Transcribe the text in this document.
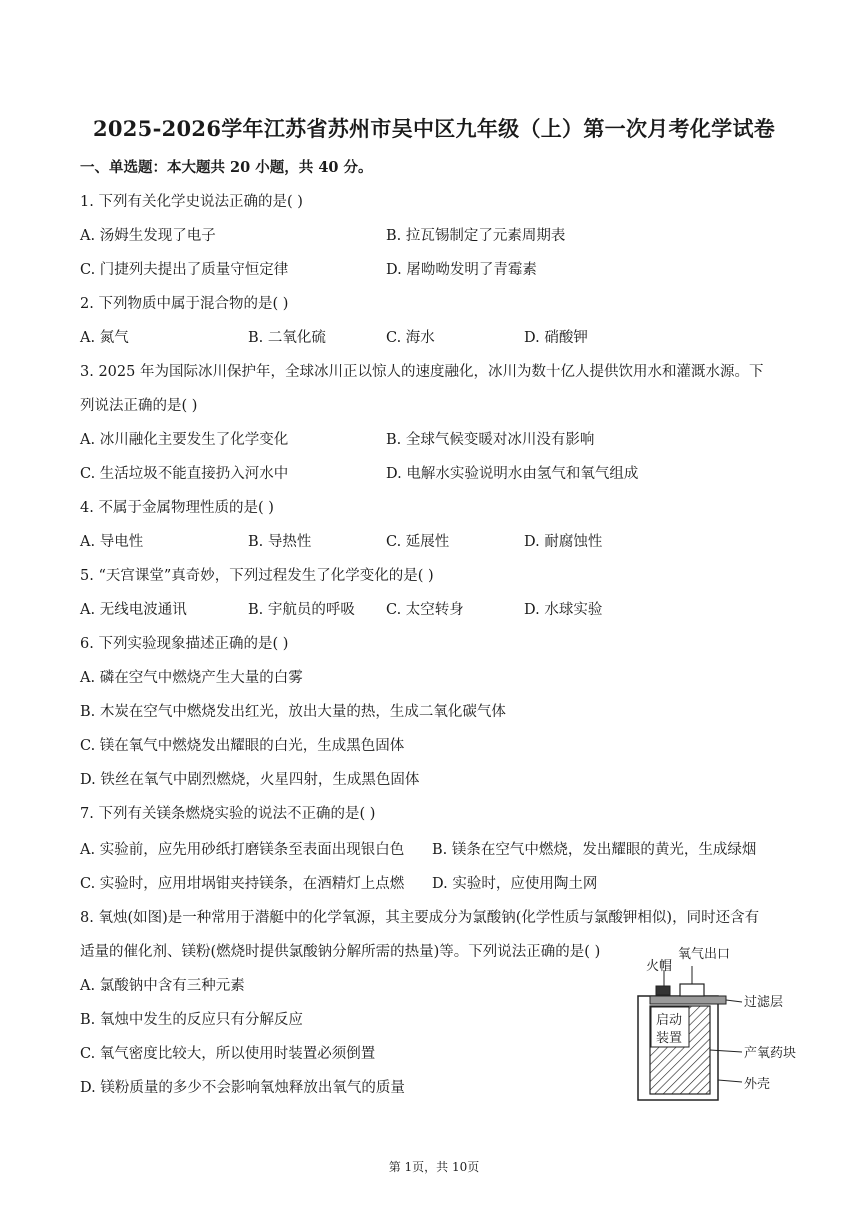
2025-2026学年江苏省苏州市吴中区九年级（上）第一次月考化学试卷
一、单选题：本大题共 20 小题，共 40 分。
1. 下列有关化学史说法正确的是( )
A. 汤姆生发现了电子	B. 拉瓦锡制定了元素周期表
C. 门捷列夫提出了质量守恒定律	D. 屠呦呦发明了青霉素
2. 下列物质中属于混合物的是( )
A. 氮气	B. 二氧化硫	C. 海水	D. 硝酸钾
3. 2025 年为国际冰川保护年，全球冰川正以惊人的速度融化，冰川为数十亿人提供饮用水和灌溉水源。下
列说法正确的是( )
A. 冰川融化主要发生了化学变化	B. 全球气候变暖对冰川没有影响
C. 生活垃圾不能直接扔入河水中	D. 电解水实验说明水由氢气和氧气组成
4. 不属于金属物理性质的是( )
A. 导电性	B. 导热性	C. 延展性	D. 耐腐蚀性
5. “天宫课堂”真奇妙，下列过程发生了化学变化的是( )
A. 无线电波通讯	B. 宇航员的呼吸 C. 太空转身	D. 水球实验
6. 下列实验现象描述正确的是( )
A. 磷在空气中燃烧产生大量的白雾
B. 木炭在空气中燃烧发出红光，放出大量的热，生成二氧化碳气体
C. 镁在氧气中燃烧发出耀眼的白光，生成黑色固体
D. 铁丝在氧气中剧烈燃烧，火星四射，生成黑色固体
7. 下列有关镁条燃烧实验的说法不正确的是( )
A. 实验前，应先用砂纸打磨镁条至表面出现银白色 B. 镁条在空气中燃烧，发出耀眼的黄光，生成绿烟
C. 实验时，应用坩埚钳夹持镁条，在酒精灯上点燃 D. 实验时，应使用陶土网
8. 氧烛(如图)是一种常用于潜艇中的化学氧源，其主要成分为氯酸钠(化学性质与氯酸钾相似)，同时还含有
适量的催化剂、镁粉(燃烧时提供氯酸钠分解所需的热量)等。下列说法正确的是( )
A. 氯酸钠中含有三种元素
B. 氧烛中发生的反应只有分解反应
C. 氧气密度比较大，所以使用时装置必须倒置
D. 镁粉质量的多少不会影响氧烛释放出氧气的质量
火帽
氧气出口
过滤层
启动
装置
产氧药块
外壳
第 1页，共 10页
